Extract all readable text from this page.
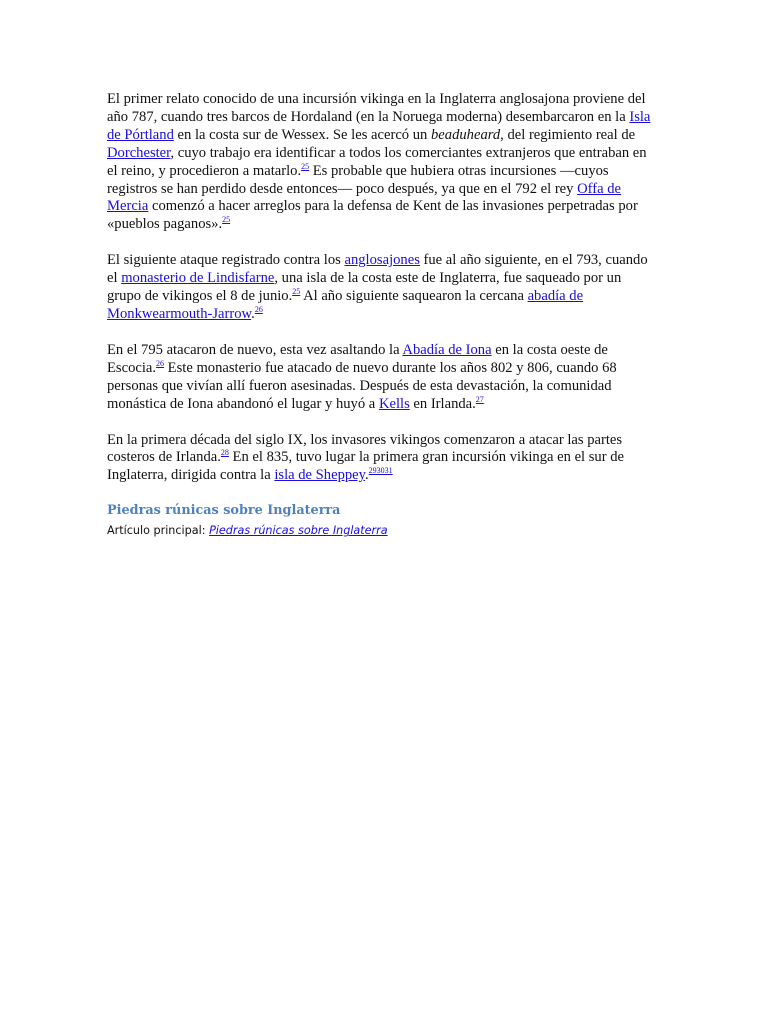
El primer relato conocido de una incursión vikinga en la Inglaterra anglosajona proviene del año 787, cuando tres barcos de Hordaland (en la Noruega moderna) desembarcaron en la Isla de Pórtland en la costa sur de Wessex. Se les acercó un beaduheard, del regimiento real de Dorchester, cuyo trabajo era identificar a todos los comerciantes extranjeros que entraban en el reino, y procedieron a matarlo.$^{25}$ Es probable que hubiera otras incursiones —cuyos registros se han perdido desde entonces— poco después, ya que en el 792 el rey Offa de Mercia comenzó a hacer arreglos para la defensa de Kent de las invasiones perpetradas por «pueblos paganos».$^{25}$

El siguiente ataque registrado contra los anglosajones fue al año siguiente, en el 793, cuando el monasterio de Lindisfarne, una isla de la costa este de Inglaterra, fue saqueado por un grupo de vikingos el 8 de junio.$^{25}$ Al año siguiente saquearon la cercana abadía de Monkwearmouth-Jarrow.$^{26}$

En el 795 atacaron de nuevo, esta vez asaltando la Abadía de Iona en la costa oeste de Escocia.$^{26}$ Este monasterio fue atacado de nuevo durante los años 802 y 806, cuando 68 personas que vivían allí fueron asesinadas. Después de esta devastación, la comunidad monástica de Iona abandonó el lugar y huyó a Kells en Irlanda.$^{27}$

En la primera década del siglo IX, los invasores vikingos comenzaron a atacar las partes costeros de Irlanda.$^{28}$ En el 835, tuvo lugar la primera gran incursión vikinga en el sur de Inglaterra, dirigida contra la isla de Sheppey.$^{293031}$

Piedras rúnicas sobre Inglaterra
Artículo principal: Piedras rúnicas sobre Inglaterra
